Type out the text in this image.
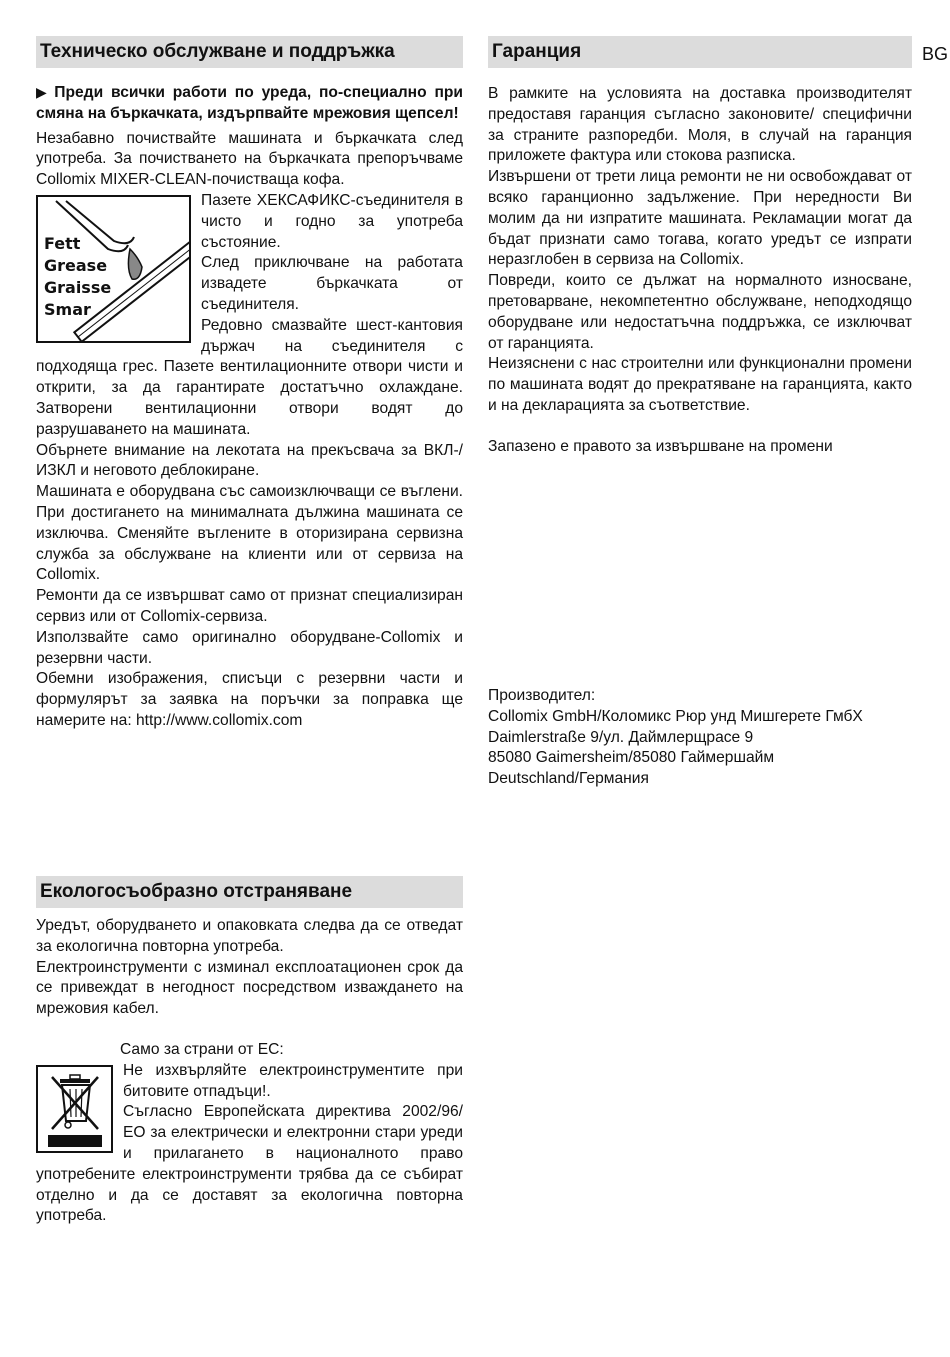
BG
Техническо обслужване и поддръжка

▶ Преди всички работи по уреда, по-специално при смяна на бъркачката, издърпвайте мрежовия щепсел!

Незабавно почиствайте машината и бъркачката след употреба. За почистването на бъркачката препоръчваме Collomix MIXER-CLEAN-почистваща кофа.

Fett
Grease
Graisse
Smar

Пазете ХЕКСАФИКС-съединителя в чисто и годно за употреба състояние.

След приключване на работата извадете бъркачката от съединителя.

Редовно смазвайте шест-кантовия държач на съединителя с подходяща грес. Пазете вентилационните отвори чисти и открити, за да гарантирате достатъчно охлаждане. Затворени вентилационни отвори водят до разрушаването на машината.

Обърнете внимание на лекотата на прекъсвача за ВКЛ-/ИЗКЛ и неговото деблокиране.

Машината е оборудвана със самоизключващи се въглени. При достигането на минималната дължина машината се изключва. Сменяйте въглените в оторизирана сервизна служба за обслужване на клиенти или от сервиза на Collomix.

Ремонти да се извършват само от признат специализиран сервиз или от Collomix-сервиза.

Използвайте само оригинално оборудване-Collomix и резервни части.

Обемни изображения, списъци с резервни части и формулярът за заявка на поръчки за поправка ще намерите на: http://www.collomix.com

Екологосъобразно отстраняване

Уредът, оборудването и опаковката следва да се отведат за екологична повторна употреба.

Електроинструменти с изминал експлоатационен срок да се привеждат в негодност посредством изваждането на мрежовия кабел.

Само за страни от ЕС:

Не изхвърляйте електроинструментите при битовите отпадъци!.

Съгласно Европейската директива 2002/96/ЕО за електрически и електронни стари уреди и прилагането в националното право употребените електроинструменти трябва да се събират отделно и да се доставят за екологична повторна употреба.

Гаранция

В рамките на условията на доставка производителят предоставя гаранция съгласно законовите/ специфични за страните разпоредби. Моля, в случай на гаранция приложете фактура или стокова разписка.

Извършени от трети лица ремонти не ни освобождават от всяко гаранционно задължение. При нередности Ви молим да ни изпратите машината. Рекламации могат да бъдат признати само тогава, когато уредът се изпрати неразглобен в сервиза на Collomix.

Повреди, които се дължат на нормалното износване, претоварване, некомпетентно обслужване, неподходящо оборудване или недостатъчна поддръжка, се изключват от гаранцията.

Неизяснени с нас строителни или функционални промени по машината водят до прекратяване на гаранцията, както и на декларацията за съответствие.

Запазено е правото за извършване на промени

Производител:

Collomix GmbH/Коломикс Рюр унд Мишгерете ГмбХ

Daimlerstraße 9/ул. Даймлерщрасе 9

85080 Gaimersheim/85080 Гаймершайм

Deutschland/Германия
